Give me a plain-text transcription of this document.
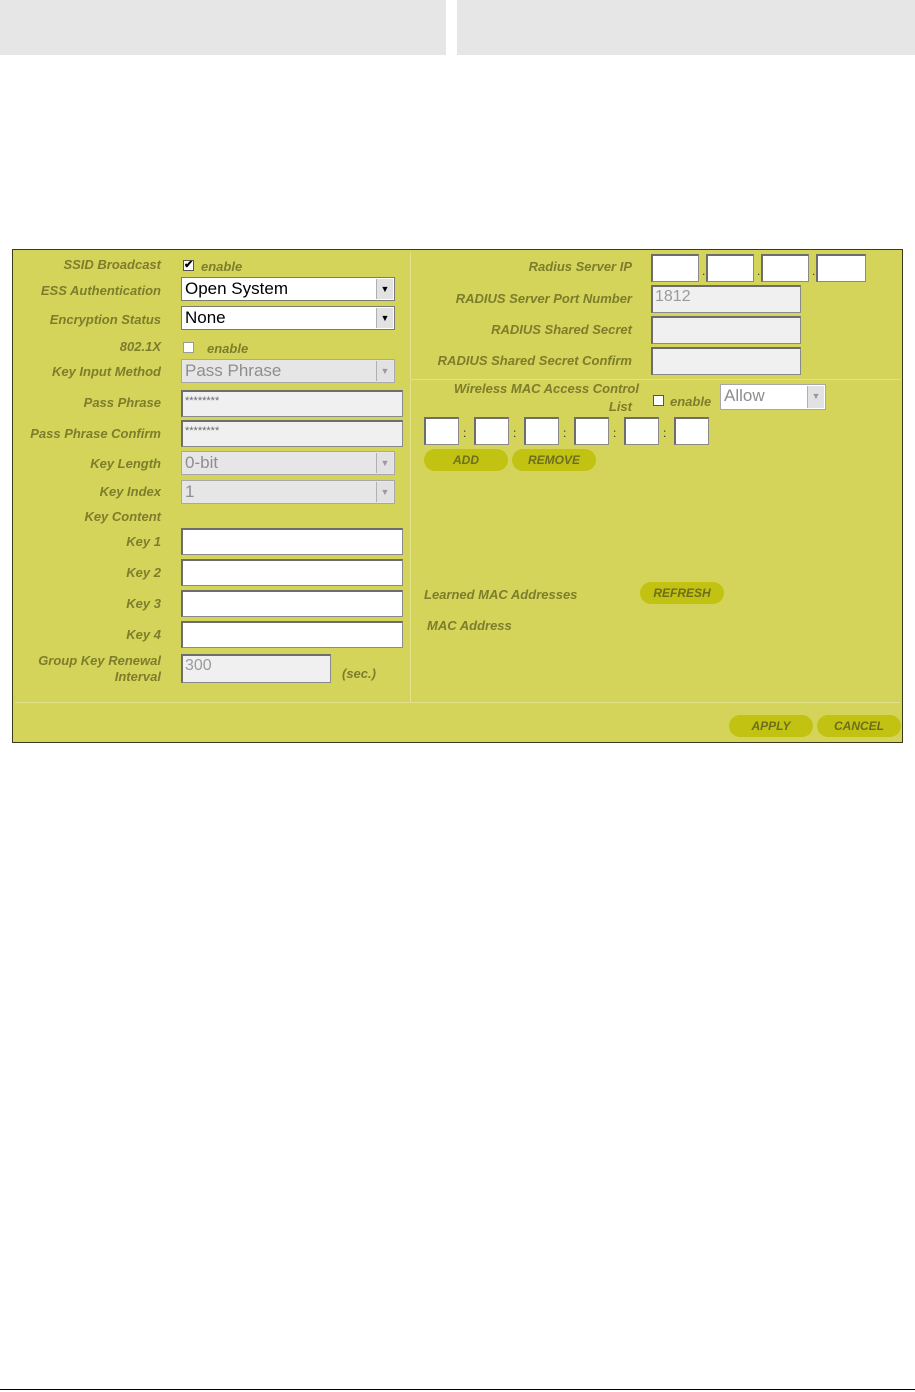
SSID Broadcast ✔ enable
ESS Authentication Open System	▼
Encryption Status None	▼
802.1X	enable
Key Input Method Pass Phrase	▼
Pass Phrase	********
Pass Phrase Confirm	********
Key Length 0-bit	▼
Key Index 1	▼
Key Content
Key 1
Key 2
Key 3
Key 4
Group Key Renewal
Interval
300	(sec.)
Radius Server IP	.	.	.
RADIUS Server Port Number 1812
RADIUS Shared Secret
RADIUS Shared Secret Confirm
Wireless MAC Access Control
List	enable Allow	▼
:	:	:	:	:
ADD	REMOVE
Learned MAC Addresses	REFRESH
MAC Address
APPLY	CANCEL
